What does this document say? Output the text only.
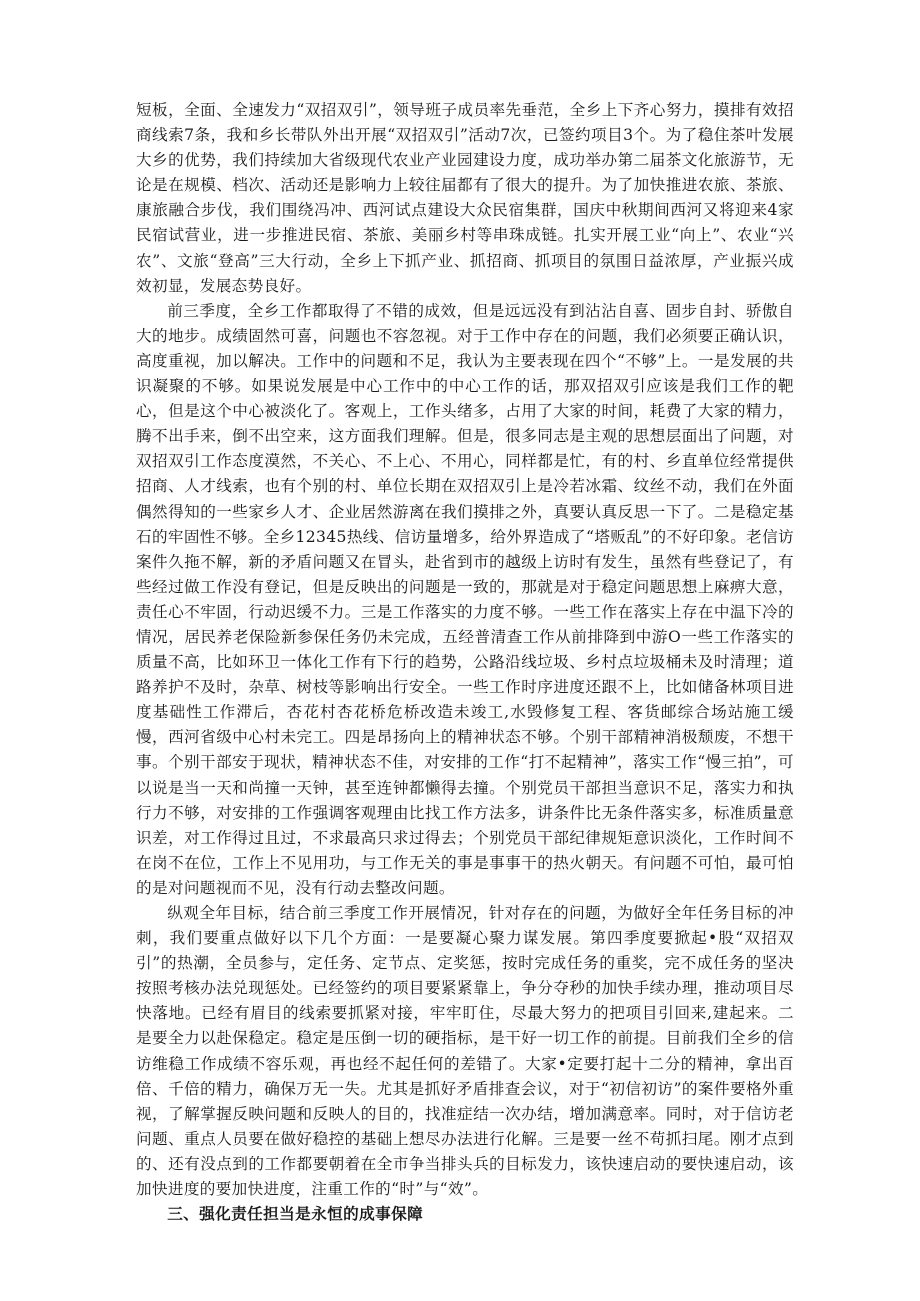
短板，全面、全速发力“双招双引”，领导班子成员率先垂范，全乡上下齐心努力，摸排有效招商线索7条，我和乡长带队外出开展“双招双引”活动7次，已签约项目3个。为了稳住茶叶发展大乡的优势，我们持续加大省级现代农业产业园建设力度，成功举办第二届茶文化旅游节，无论是在规模、档次、活动还是影响力上较往届都有了很大的提升。为了加快推进农旅、茶旅、康旅融合步伐，我们围绕冯冲、西河试点建设大众民宿集群，国庆中秋期间西河又将迎来4家民宿试营业，进一步推进民宿、茶旅、美丽乡村等串珠成链。扎实开展工业“向上”、农业“兴农”、文旅“登高”三大行动，全乡上下抓产业、抓招商、抓项目的氛围日益浓厚，产业振兴成效初显，发展态势良好。

前三季度，全乡工作都取得了不错的成效，但是远远没有到沾沾自喜、固步自封、骄傲自大的地步。成绩固然可喜，问题也不容忽视。对于工作中存在的问题，我们必须要正确认识，高度重视，加以解决。工作中的问题和不足，我认为主要表现在四个“不够”上。一是发展的共识凝聚的不够。如果说发展是中心工作中的中心工作的话，那双招双引应该是我们工作的靶心，但是这个中心被淡化了。客观上，工作头绪多，占用了大家的时间，耗费了大家的精力，腾不出手来，倒不出空来，这方面我们理解。但是，很多同志是主观的思想层面出了问题，对双招双引工作态度漠然，不关心、不上心、不用心，同样都是忙，有的村、乡直单位经常提供招商、人才线索，也有个别的村、单位长期在双招双引上是冷若冰霜、纹丝不动，我们在外面偶然得知的一些家乡人才、企业居然游离在我们摸排之外，真要认真反思一下了。二是稳定基石的牢固性不够。全乡12345热线、信访量增多，给外界造成了“塔贩乱”的不好印象。老信访案件久拖不解，新的矛盾问题又在冒头，赴省到市的越级上访时有发生，虽然有些登记了，有些经过做工作没有登记，但是反映出的问题是一致的，那就是对于稳定问题思想上麻痹大意，责任心不牢固，行动迟缓不力。三是工作落实的力度不够。一些工作在落实上存在中温下冷的情况，居民养老保险新参保任务仍未完成，五经普清查工作从前排降到中游O一些工作落实的质量不高，比如环卫一体化工作有下行的趋势，公路沿线垃圾、乡村点垃圾桶未及时清理；道路养护不及时，杂草、树枝等影响出行安全。一些工作时序进度还跟不上，比如储备林项目进度基础性工作滞后，杏花村杏花桥危桥改造未竣工,水毁修复工程、客货邮综合场站施工缓慢，西河省级中心村未完工。四是昂扬向上的精神状态不够。个别干部精神消极颓废，不想干事。个别干部安于现状，精神状态不佳，对安排的工作“打不起精神”，落实工作“慢三拍”，可以说是当一天和尚撞一天钟，甚至连钟都懒得去撞。个别党员干部担当意识不足，落实力和执行力不够，对安排的工作强调客观理由比找工作方法多，讲条件比无条件落实多，标准质量意识差，对工作得过且过，不求最高只求过得去；个别党员干部纪律规矩意识淡化，工作时间不在岗不在位，工作上不见用功，与工作无关的事是事事干的热火朝天。有问题不可怕，最可怕的是对问题视而不见，没有行动去整改问题。

纵观全年目标，结合前三季度工作开展情况，针对存在的问题，为做好全年任务目标的冲刺，我们要重点做好以下几个方面：一是要凝心聚力谋发展。第四季度要掀起•股“双招双引”的热潮，全员参与，定任务、定节点、定奖惩，按时完成任务的重奖，完不成任务的坚决按照考核办法兑现惩处。已经签约的项目要紧紧靠上，争分夺秒的加快手续办理，推动项目尽快落地。已经有眉目的线索要抓紧对接，牢牢盯住，尽最大努力的把项目引回来,建起来。二是要全力以赴保稳定。稳定是压倒一切的硬指标，是干好一切工作的前提。目前我们全乡的信访维稳工作成绩不容乐观，再也经不起任何的差错了。大家•定要打起十二分的精神，拿出百倍、千倍的精力，确保万无一失。尤其是抓好矛盾排查会议，对于“初信初访”的案件要格外重视，了解掌握反映问题和反映人的目的，找准症结一次办结，增加满意率。同时，对于信访老问题、重点人员要在做好稳控的基础上想尽办法进行化解。三是要一丝不苟抓扫尾。刚才点到的、还有没点到的工作都要朝着在全市争当排头兵的目标发力，该快速启动的要快速启动，该加快进度的要加快进度，注重工作的“时”与“效”。

三、强化责任担当是永恒的成事保障
